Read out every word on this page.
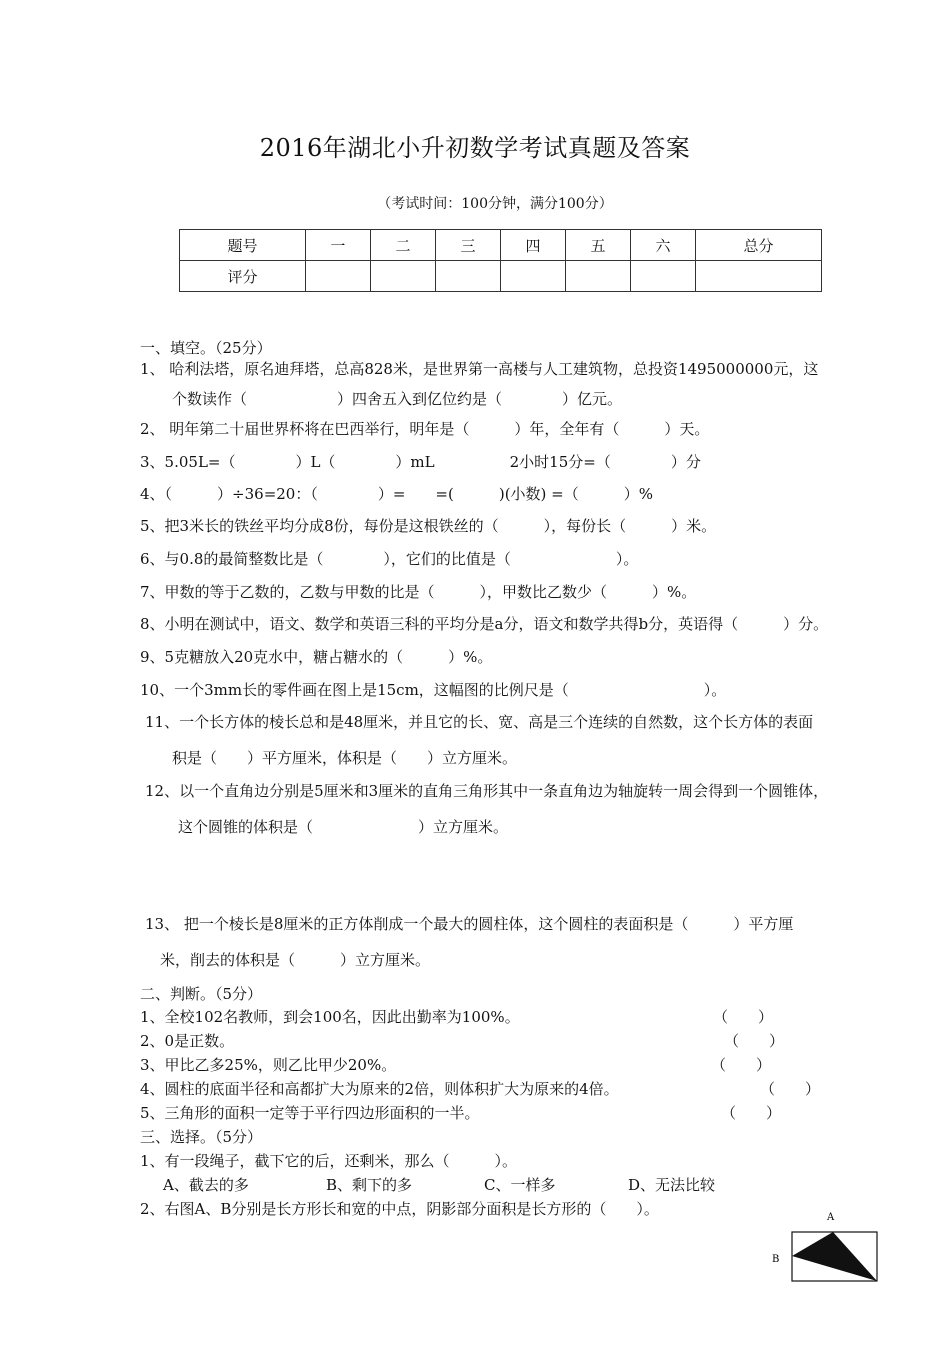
2016年湖北小升初数学考试真题及答案
（考试时间：100分钟，满分100分）
题号	一	二	三	四	五	六	总分
评分							
一、填空。（25分）
1、 哈利法塔，原名迪拜塔，总高828米，是世界第一高楼与人工建筑物，总投资1495000000元，这
个数读作（　　　　　　）四舍五入到亿位约是（　　　　）亿元。
2、 明年第二十届世界杯将在巴西举行，明年是（　　　）年，全年有（　　　）天。
3、5.05L=（　　　　）L（　　　　）mL　　　　　2小时15分=（　　　　）分
4、（　　　）÷36=20：（　　　　）=　　=(　　　)(小数) =（　　　）%
5、把3米长的铁丝平均分成8份，每份是这根铁丝的（　　　），每份长（　　　）米。
6、与0.8的最简整数比是（　　　　），它们的比值是（　　　　　　　）。
7、甲数的等于乙数的，乙数与甲数的比是（　　　），甲数比乙数少（　　　）%。
8、小明在测试中，语文、数学和英语三科的平均分是a分，语文和数学共得b分，英语得（　　　）分。
9、5克糖放入20克水中，糖占糖水的（　　　）%。
10、一个3mm长的零件画在图上是15cm，这幅图的比例尺是（　　　　　　　　　）。
11、一个长方体的棱长总和是48厘米，并且它的长、宽、高是三个连续的自然数，这个长方体的表面
积是（　　）平方厘米，体积是（　　）立方厘米。
12、以一个直角边分别是5厘米和3厘米的直角三角形其中一条直角边为轴旋转一周会得到一个圆锥体，
这个圆锥的体积是（　　　　　　　）立方厘米。
13、 把一个棱长是8厘米的正方体削成一个最大的圆柱体，这个圆柱的表面积是（　　　）平方厘
米，削去的体积是（　　　）立方厘米。
二、判断。（5分）
1、全校102名教师，到会100名，因此出勤率为100%。	（　　）
2、0是正数。	（　　）
3、甲比乙多25%，则乙比甲少20%。	（　　）
4、圆柱的底面半径和高都扩大为原来的2倍，则体积扩大为原来的4倍。	（　　）
5、三角形的面积一定等于平行四边形面积的一半。	（　　）
三、选择。（5分）
1、有一段绳子，截下它的后，还剩米，那么（　　　）。
A、截去的多	B、剩下的多	C、一样多	D、无法比较
2、右图A、B分别是长方形长和宽的中点，阴影部分面积是长方形的（　　）。	A
B
